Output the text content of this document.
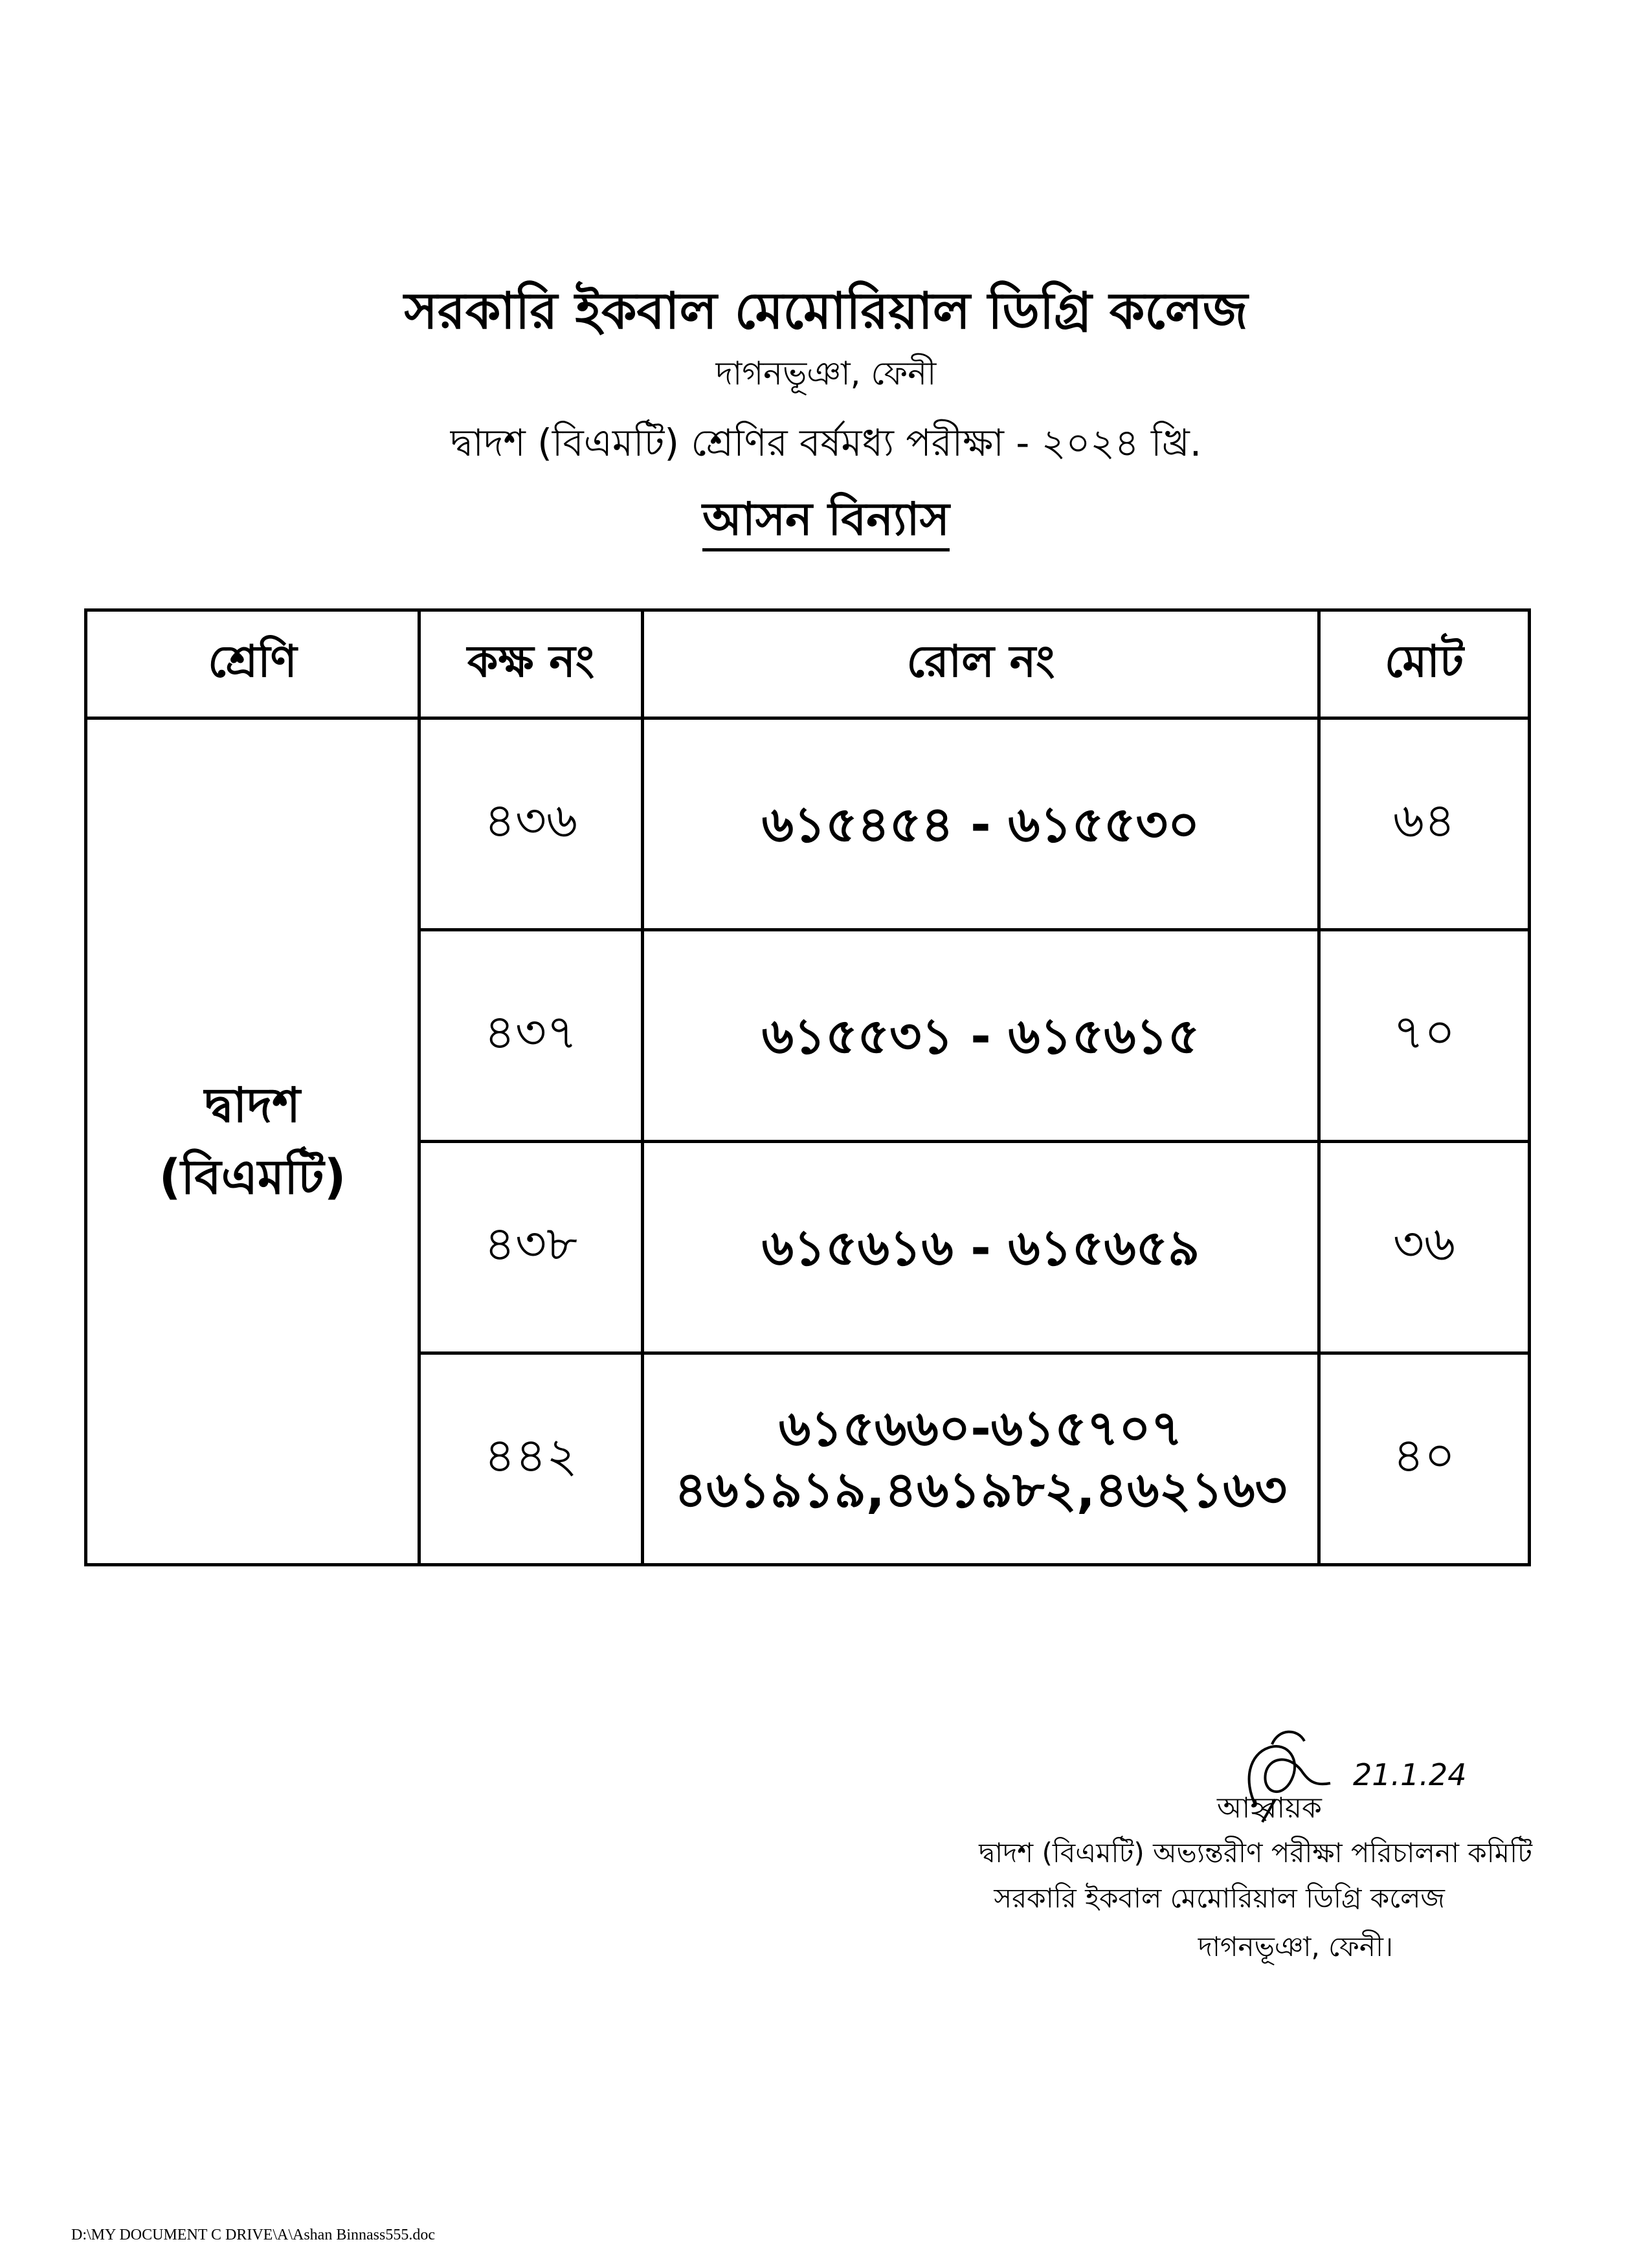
সরকারি ইকবাল মেমোরিয়াল ডিগ্রি কলেজ
দাগনভূঞা, ফেনী
দ্বাদশ (বিএমটি) শ্রেণির বর্ষমধ্য পরীক্ষা - ২০২৪ খ্রি.
আসন বিন্যাস
শ্রেণি	কক্ষ নং	রোল নং	মোট

দ্বাদশ
(বিএমটি)	৪৩৬	৬১৫৪৫৪ - ৬১৫৫৩০	৬৪
	৪৩৭	৬১৫৫৩১ - ৬১৫৬১৫	৭০
	৪৩৮	৬১৫৬১৬ - ৬১৫৬৫৯	৩৬
	৪৪২	৬১৫৬৬০-৬১৫৭০৭
৪৬১৯১৯,৪৬১৯৮২,৪৬২১৬৩	৪০
21.1.24
আহ্বায়ক
দ্বাদশ (বিএমটি) অভ্যন্তরীণ পরীক্ষা পরিচালনা কমিটি
সরকারি ইকবাল মেমোরিয়াল ডিগ্রি কলেজ
দাগনভূঞা, ফেনী।
D:\MY DOCUMENT C DRIVE\A\Ashan Binnass555.doc
